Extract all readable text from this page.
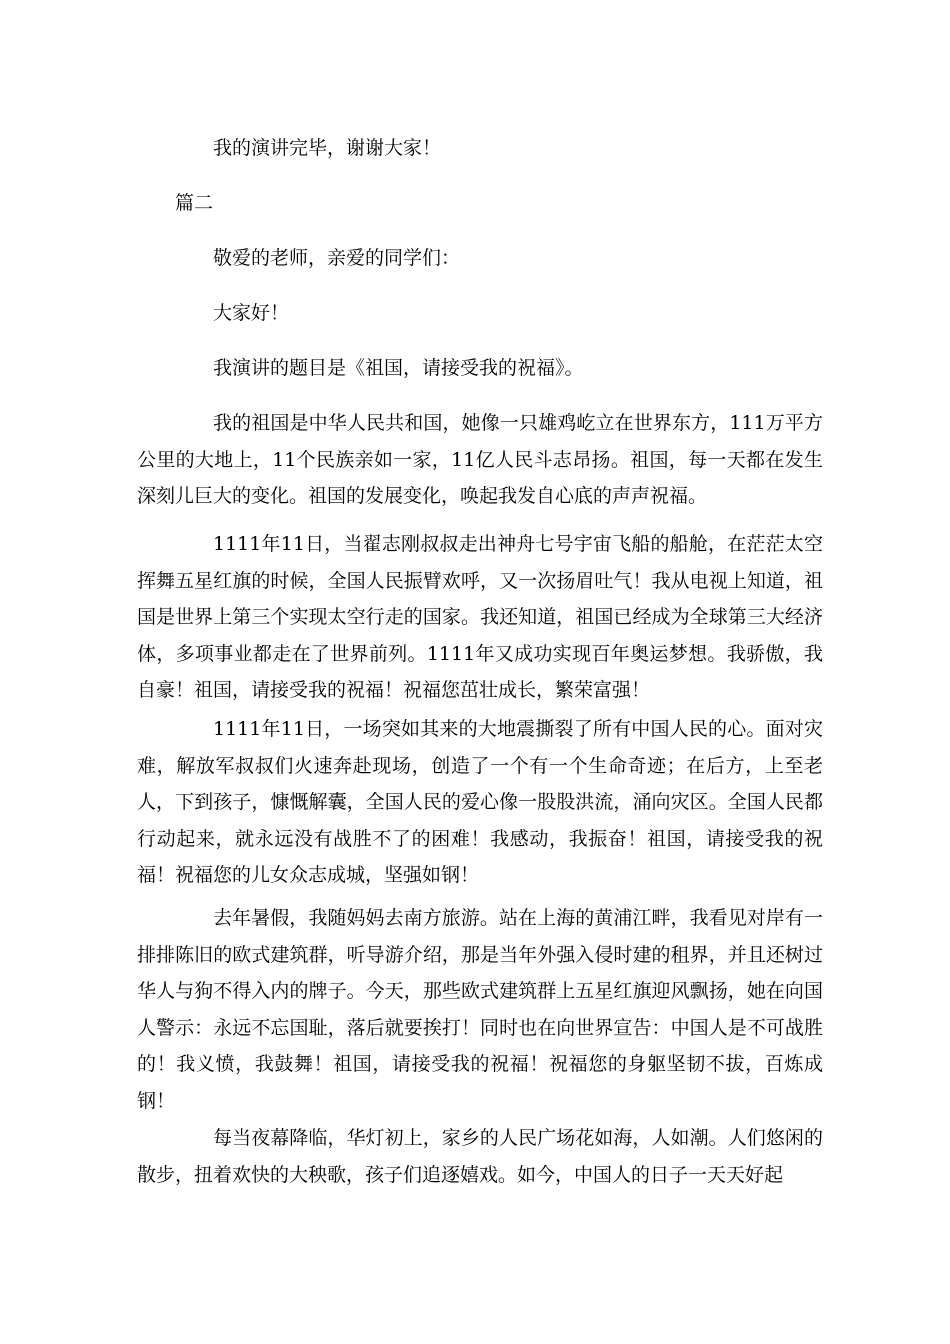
我的演讲完毕，谢谢大家！
篇二
敬爱的老师，亲爱的同学们：
大家好！
我演讲的题目是《祖国，请接受我的祝福》。
我的祖国是中华人民共和国，她像一只雄鸡屹立在世界东方，111万平方公里的大地上，11个民族亲如一家，11亿人民斗志昂扬。祖国，每一天都在发生深刻儿巨大的变化。祖国的发展变化，唤起我发自心底的声声祝福。
1111年11日，当翟志刚叔叔走出神舟七号宇宙飞船的船舱，在茫茫太空挥舞五星红旗的时候，全国人民振臂欢呼，又一次扬眉吐气！我从电视上知道，祖国是世界上第三个实现太空行走的国家。我还知道，祖国已经成为全球第三大经济体，多项事业都走在了世界前列。1111年又成功实现百年奥运梦想。我骄傲，我自豪！祖国，请接受我的祝福！祝福您茁壮成长，繁荣富强！
1111年11日，一场突如其来的大地震撕裂了所有中国人民的心。面对灾难，解放军叔叔们火速奔赴现场，创造了一个有一个生命奇迹；在后方，上至老人，下到孩子，慷慨解囊，全国人民的爱心像一股股洪流，涌向灾区。全国人民都行动起来，就永远没有战胜不了的困难！我感动，我振奋！祖国，请接受我的祝福！祝福您的儿女众志成城，坚强如钢！
去年暑假，我随妈妈去南方旅游。站在上海的黄浦江畔，我看见对岸有一排排陈旧的欧式建筑群，听导游介绍，那是当年外强入侵时建的租界，并且还树过华人与狗不得入内的牌子。今天，那些欧式建筑群上五星红旗迎风飘扬，她在向国人警示：永远不忘国耻，落后就要挨打！同时也在向世界宣告：中国人是不可战胜的！我义愤，我鼓舞！祖国，请接受我的祝福！祝福您的身躯坚韧不拔，百炼成钢！
每当夜幕降临，华灯初上，家乡的人民广场花如海，人如潮。人们悠闲的散步，扭着欢快的大秧歌，孩子们追逐嬉戏。如今，中国人的日子一天天好起
